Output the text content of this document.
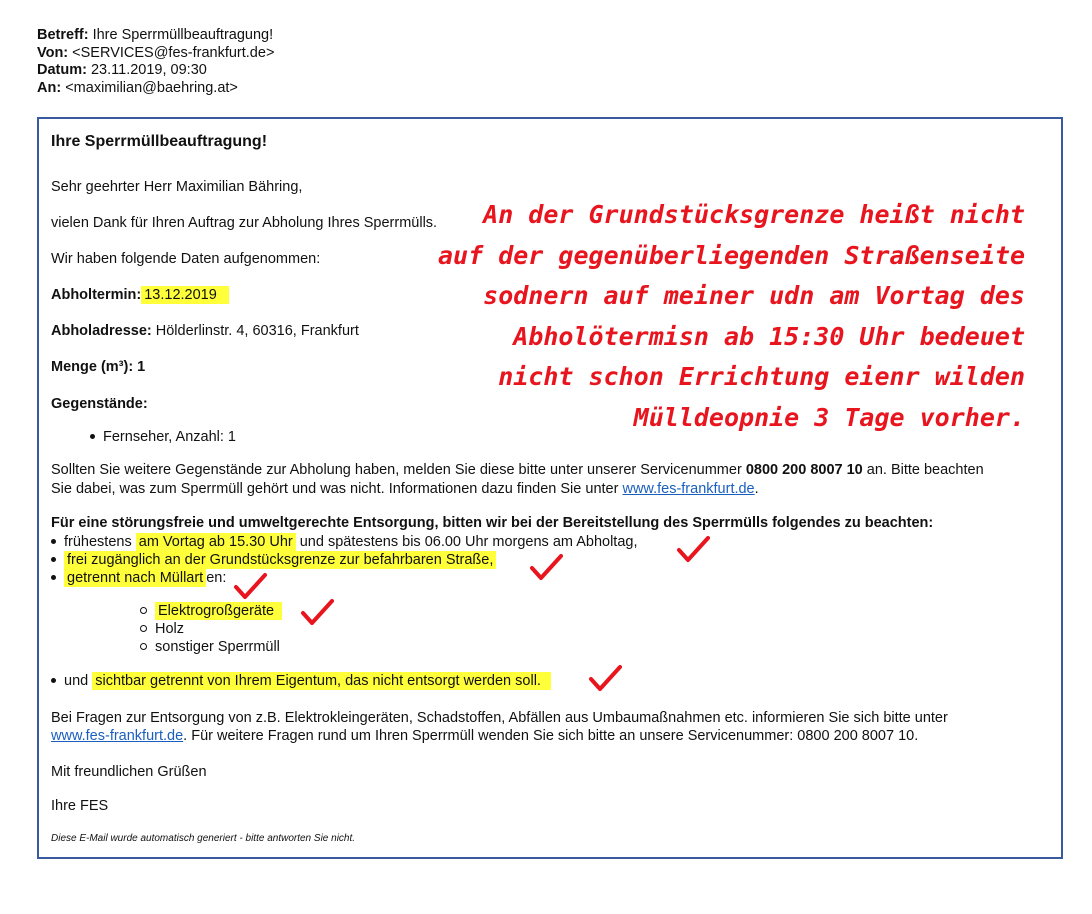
Betreff: Ihre Sperrmüllbeauftragung!
Von: <SERVICES@fes-frankfurt.de>
Datum: 23.11.2019, 09:30
An: <maximilian@baehring.at>
Ihre Sperrmüllbeauftragung!
Sehr geehrter Herr Maximilian Bähring,
vielen Dank für Ihren Auftrag zur Abholung Ihres Sperrmülls.
Wir haben folgende Daten aufgenommen:
Abholtermin: 13.12.2019
Abholadresse: Hölderlinstr. 4, 60316, Frankfurt
Menge (m³): 1
Gegenstände:
Fernseher, Anzahl: 1
Sollten Sie weitere Gegenstände zur Abholung haben, melden Sie diese bitte unter unserer Servicenummer 0800 200 8007 10 an. Bitte beachten
Sie dabei, was zum Sperrmüll gehört und was nicht. Informationen dazu finden Sie unter www.fes-frankfurt.de.
Für eine störungsfreie und umweltgerechte Entsorgung, bitten wir bei der Bereitstellung des Sperrmülls folgendes zu beachten:
frühestens am Vortag ab 15.30 Uhr und spätestens bis 06.00 Uhr morgens am Abholtag,
frei zugänglich an der Grundstücksgrenze zur befahrbaren Straße,
getrennt nach Müllart en:
Elektrogroßgeräte
Holz
sonstiger Sperrmüll
und sichtbar getrennt von Ihrem Eigentum, das nicht entsorgt werden soll.
Bei Fragen zur Entsorgung von z.B. Elektrokleingeräten, Schadstoffen, Abfällen aus Umbaumaßnahmen etc. informieren Sie sich bitte unter
www.fes-frankfurt.de. Für weitere Fragen rund um Ihren Sperrmüll wenden Sie sich bitte an unsere Servicenummer: 0800 200 8007 10.
Mit freundlichen Grüßen
Ihre FES
Diese E-Mail wurde automatisch generiert - bitte antworten Sie nicht.
An der Grundstücksgrenze heißt nicht
auf der gegenüberliegenden Straßenseite
sodnern auf meiner udn am Vortag des
Abholötermisn ab 15:30 Uhr bedeuet
nicht schon Errichtung eienr wilden
Mülldeopnie 3 Tage vorher.
